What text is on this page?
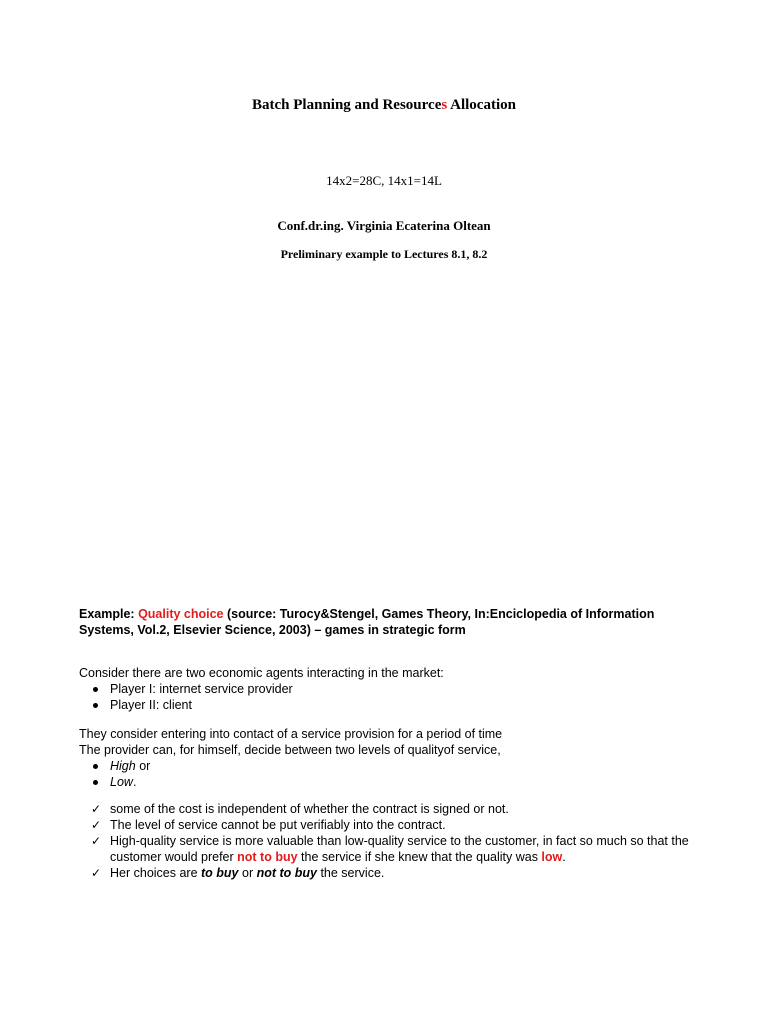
Batch Planning and Resources Allocation
14x2=28C, 14x1=14L
Conf.dr.ing. Virginia Ecaterina Oltean
Preliminary example to Lectures 8.1, 8.2
Example: Quality choice (source: Turocy&Stengel, Games Theory, In:Enciclopedia of Information Systems, Vol.2, Elsevier Science, 2003) – games in strategic form

Consider there are two economic agents interacting in the market:

Player I: internet service provider
Player II: client

They consider entering into contact of a service provision for a period of time

The provider can, for himself, decide between two levels of qualityof service,

High or
Low.
✓ some of the cost is independent of whether the contract is signed or not.
✓ The level of service cannot be put verifiably into the contract.
✓ High-quality service is more valuable than low-quality service to the customer, in fact so much so that the customer would prefer not to buy the service if she knew that the quality was low.
✓ Her choices are to buy or not to buy the service.
